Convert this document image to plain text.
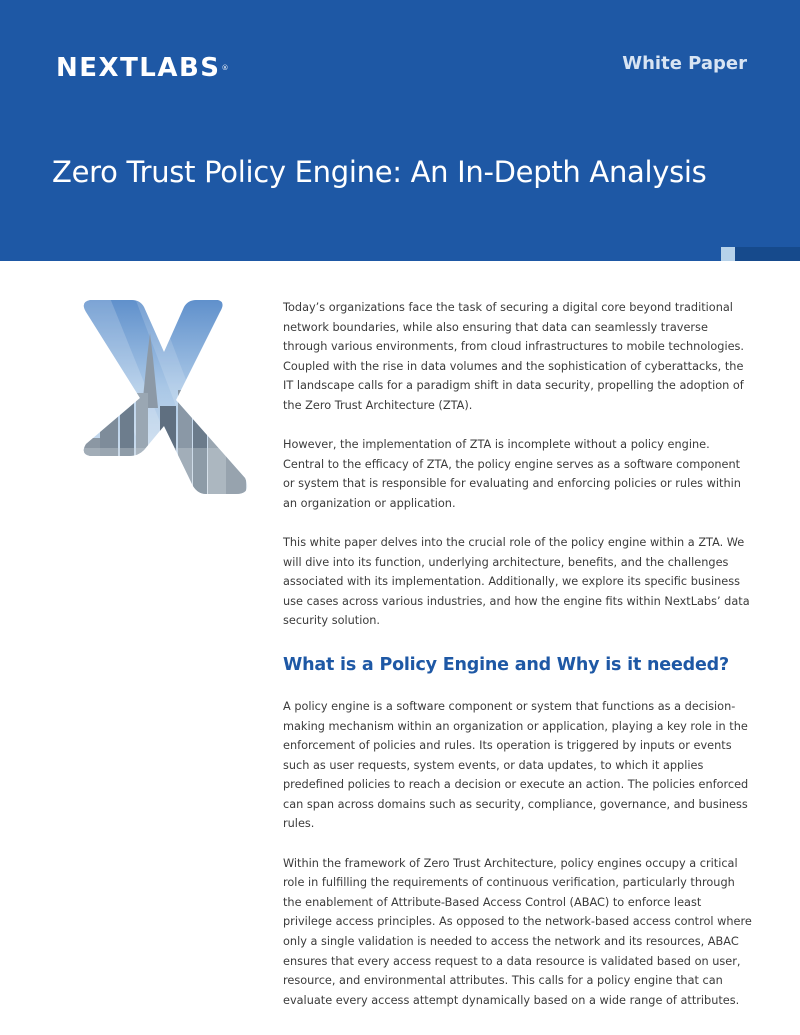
NEXTLABS®	White Paper
Zero Trust Policy Engine: An In-Depth Analysis

Today’s organizations face the task of securing a digital core beyond traditional network boundaries, while also ensuring that data can seamlessly traverse through various environments, from cloud infrastructures to mobile technologies. Coupled with the rise in data volumes and the sophistication of cyberattacks, the IT landscape calls for a paradigm shift in data security, propelling the adoption of the Zero Trust Architecture (ZTA).

However, the implementation of ZTA is incomplete without a policy engine. Central to the efficacy of ZTA, the policy engine serves as a software component or system that is responsible for evaluating and enforcing policies or rules within an organization or application.

This white paper delves into the crucial role of the policy engine within a ZTA. We will dive into its function, underlying architecture, benefits, and the challenges associated with its implementation. Additionally, we explore its specific business use cases across various industries, and how the engine fits within NextLabs’ data security solution.

What is a Policy Engine and Why is it needed?

A policy engine is a software component or system that functions as a decision-making mechanism within an organization or application, playing a key role in the enforcement of policies and rules. Its operation is triggered by inputs or events such as user requests, system events, or data updates, to which it applies predefined policies to reach a decision or execute an action. The policies enforced can span across domains such as security, compliance, governance, and business rules.

Within the framework of Zero Trust Architecture, policy engines occupy a critical role in fulfilling the requirements of continuous verification, particularly through the enablement of Attribute-Based Access Control (ABAC) to enforce least privilege access principles. As opposed to the network-based access control where only a single validation is needed to access the network and its resources, ABAC ensures that every access request to a data resource is validated based on user, resource, and environmental attributes. This calls for a policy engine that can evaluate every access attempt dynamically based on a wide range of attributes.
